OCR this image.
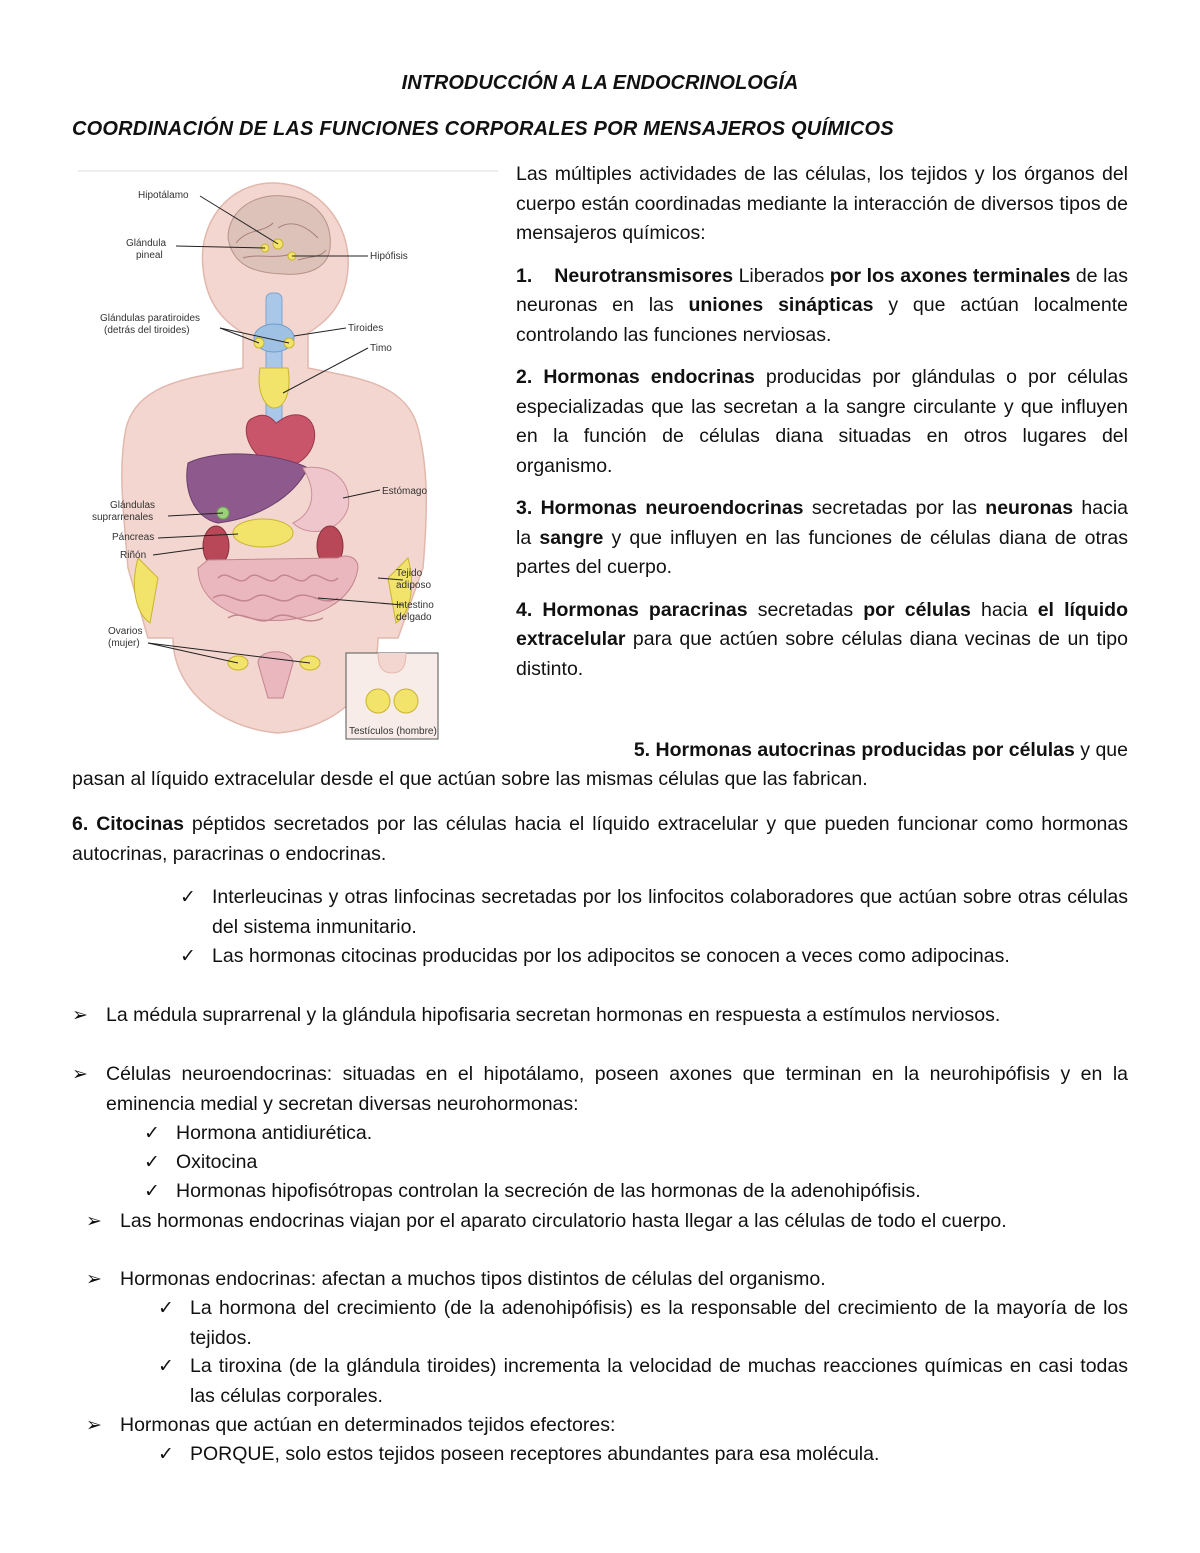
INTRODUCCIÓN A LA ENDOCRINOLOGÍA
COORDINACIÓN DE LAS FUNCIONES CORPORALES POR MENSAJEROS QUÍMICOS
Hipotálamo
Glándula
pineal	Hipófisis
Glándulas paratiroides
(detrás del tiroides)	Tiroides
Timo
Estómago
Glándulas
suprarrenales
Páncreas
Riñón
Tejido
adiposo
Intestino
delgado
Ovarios
(mujer)
Testículos (hombre)

Las múltiples actividades de las células, los tejidos y los órganos del cuerpo están coordinadas mediante la interacción de diversos tipos de mensajeros químicos:

1. Neurotransmisores Liberados por los axones terminales de las neuronas en las uniones sinápticas y que actúan localmente controlando las funciones nerviosas.

2. Hormonas endocrinas producidas por glándulas o por células especializadas que las secretan a la sangre circulante y que influyen en la función de células diana situadas en otros lugares del organismo.

3. Hormonas neuroendocrinas secretadas por las neuronas hacia la sangre y que influyen en las funciones de células diana de otras partes del cuerpo.

4. Hormonas paracrinas secretadas por células hacia el líquido extracelular para que actúen sobre células diana vecinas de un tipo distinto.

5. Hormonas autocrinas producidas por células y que
pasan al líquido extracelular desde el que actúan sobre las mismas células que las fabrican.
6. Citocinas péptidos secretados por las células hacia el líquido extracelular y que pueden funcionar como hormonas autocrinas, paracrinas o endocrinas.
✓ Interleucinas y otras linfocinas secretadas por los linfocitos colaboradores que actúan sobre otras células del sistema inmunitario.
✓ Las hormonas citocinas producidas por los adipocitos se conocen a veces como adipocinas.
➢ La médula suprarrenal y la glándula hipofisaria secretan hormonas en respuesta a estímulos nerviosos.
➢ Células neuroendocrinas: situadas en el hipotálamo, poseen axones que terminan en la neurohipófisis y en la eminencia medial y secretan diversas neurohormonas:
✓ Hormona antidiurética.
✓ Oxitocina
✓ Hormonas hipofisótropas controlan la secreción de las hormonas de la adenohipófisis.
➢ Las hormonas endocrinas viajan por el aparato circulatorio hasta llegar a las células de todo el cuerpo.
➢ Hormonas endocrinas: afectan a muchos tipos distintos de células del organismo.
✓ La hormona del crecimiento (de la adenohipófisis) es la responsable del crecimiento de la mayoría de los tejidos.
✓ La tiroxina (de la glándula tiroides) incrementa la velocidad de muchas reacciones químicas en casi todas las células corporales.
➢ Hormonas que actúan en determinados tejidos efectores:
✓ PORQUE, solo estos tejidos poseen receptores abundantes para esa molécula.
